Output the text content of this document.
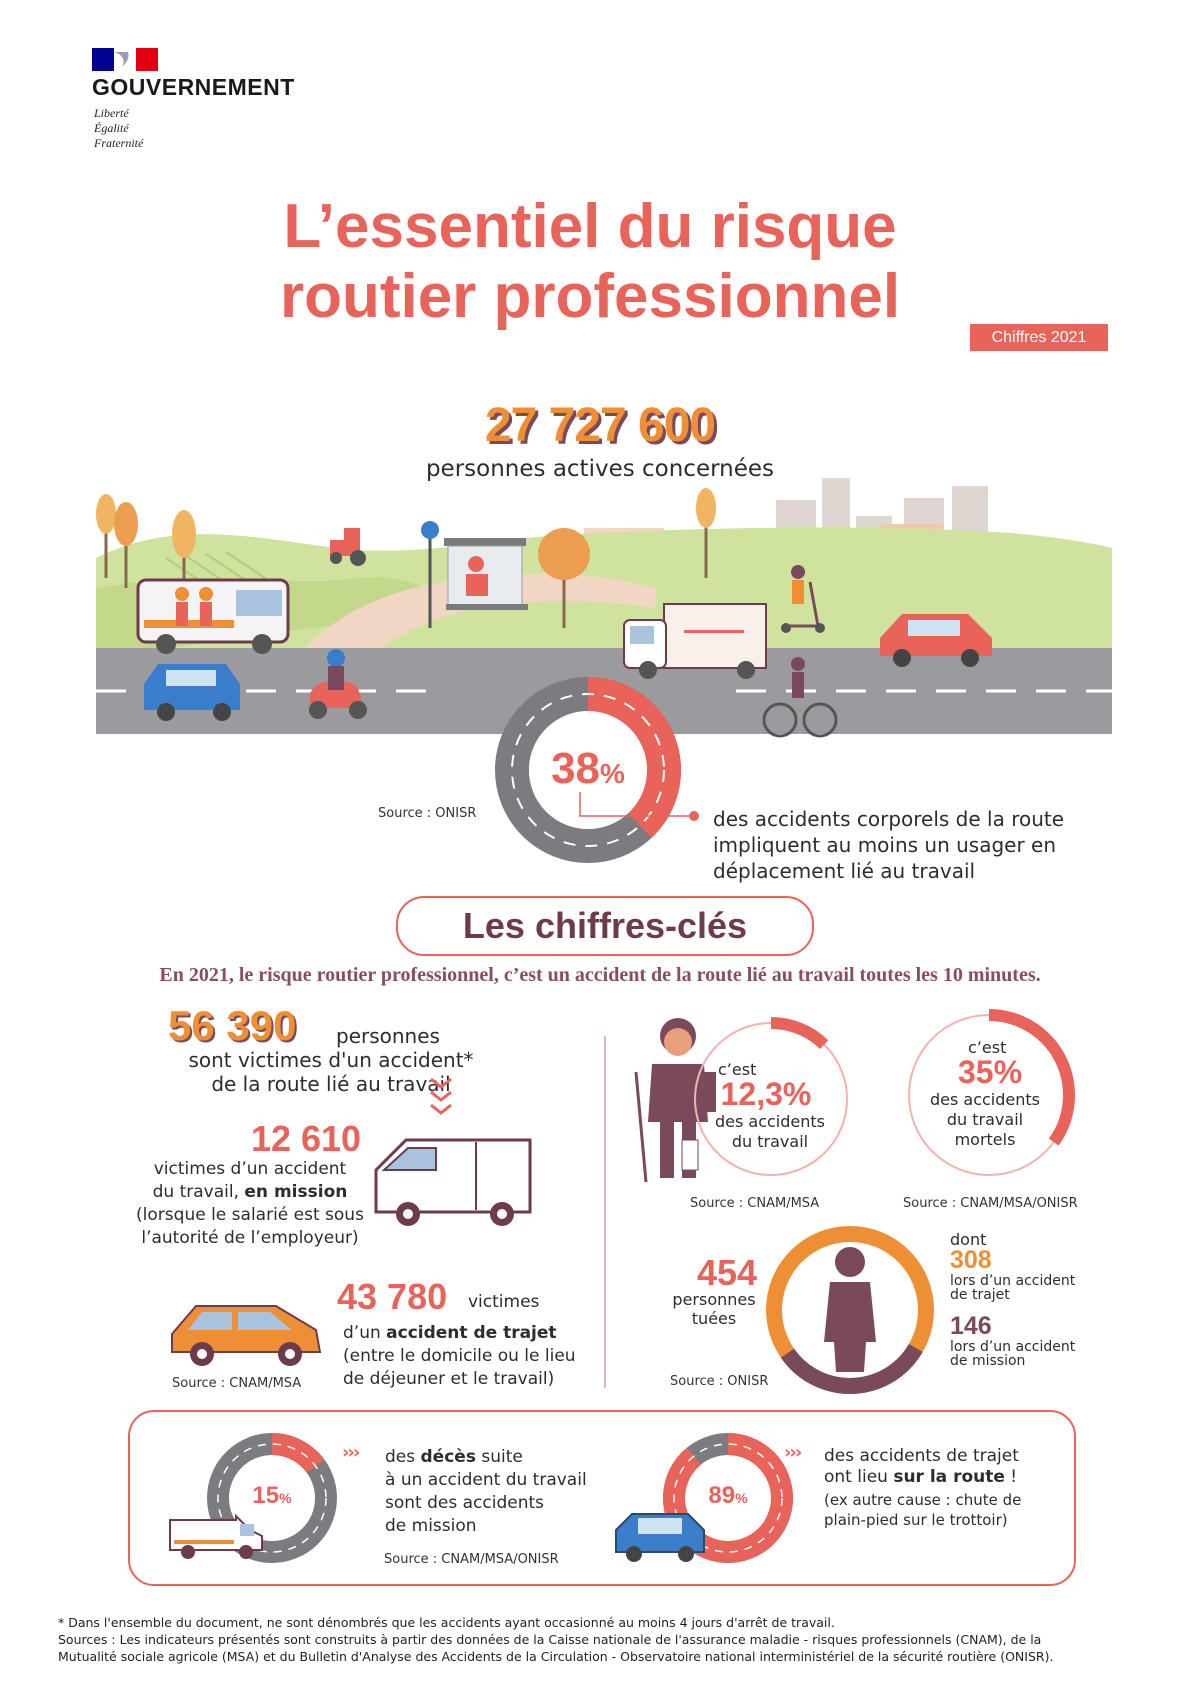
GOUVERNEMENT
Liberté
Égalité
Fraternité
L’essentiel du risque
routier professionnel
Chiffres 2021
27 727 600
personnes actives concernées
38%
Source : ONISR	des accidents corporels de la route
impliquent au moins un usager en
déplacement lié au travail
Les chiffres-clés
En 2021, le risque routier professionnel, c’est un accident de la route lié au travail toutes les 10 minutes.
56 390 personnes
sont victimes d'un accident*
de la route lié au travail
12 610
victimes d’un accident
du travail, en mission
(lorsque le salarié est sous
l’autorité de l’employeur)
43 780 victimes
d’un accident de trajet
(entre le domicile ou le lieu
de déjeuner et le travail)
Source : CNAM/MSA
c’est
12,3%
des accidents
du travail
Source : CNAM/MSA
c’est
35%
des accidents
du travail
mortels
Source : CNAM/MSA/ONISR
454
personnes
tuées
Source : ONISR
dont
308
lors d’un accident
de trajet
146
lors d’un accident
de mission
15%
››› des décès suite
à un accident du travail
sont des accidents
de mission
Source : CNAM/MSA/ONISR
89%
››› des accidents de trajet
ont lieu sur la route !
(ex autre cause : chute de
plain-pied sur le trottoir)
* Dans l'ensemble du document, ne sont dénombrés que les accidents ayant occasionné au moins 4 jours d'arrêt de travail.
Sources : Les indicateurs présentés sont construits à partir des données de la Caisse nationale de l'assurance maladie - risques professionnels (CNAM), de la
Mutualité sociale agricole (MSA) et du Bulletin d'Analyse des Accidents de la Circulation - Observatoire national interministériel de la sécurité routière (ONISR).
